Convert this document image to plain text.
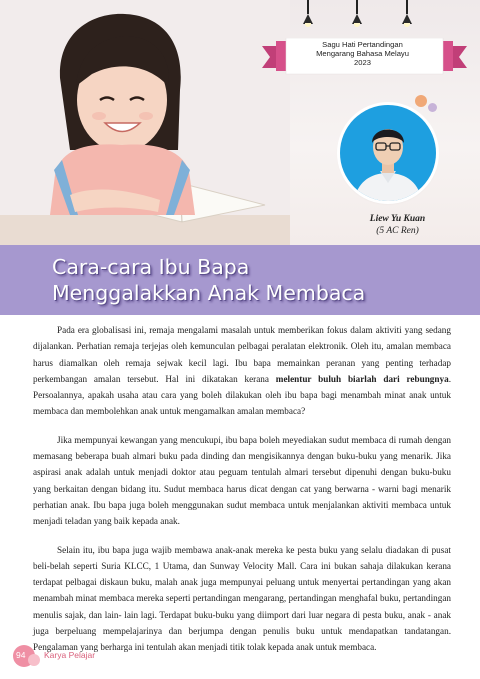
Sagu Hati Pertandingan
Mengarang Bahasa Melayu
2023
Liew Yu Kuan
(5 AC Ren)
Cara-cara Ibu Bapa
Menggalakkan Anak Membaca

Pada era globalisasi ini, remaja mengalami masalah untuk memberikan fokus dalam aktiviti yang sedang dijalankan. Perhatian remaja terjejas oleh kemunculan pelbagai peralatan elektronik. Oleh itu, amalan membaca harus diamalkan oleh remaja sejwak kecil lagi. Ibu bapa memainkan peranan yang penting terhadap perkembangan amalan tersebut. Hal ini dikatakan kerana melentur buluh biarlah dari rebungnya. Persoalannya, apakah usaha atau cara yang boleh dilakukan oleh ibu bapa bagi menambah minat anak untuk membaca dan membolehkan anak untuk mengamalkan amalan membaca?

Jika mempunyai kewangan yang mencukupi, ibu bapa boleh meyediakan sudut membaca di rumah dengan memasang beberapa buah almari buku pada dinding dan mengisikannya dengan buku-buku yang menarik. Jika aspirasi anak adalah untuk menjadi doktor atau peguam tentulah almari tersebut dipenuhi dengan buku-buku yang berkaitan dengan bidang itu. Sudut membaca harus dicat dengan cat yang berwarna - warni bagi menarik perhatian anak. Ibu bapa juga boleh menggunakan sudut membaca untuk menjalankan aktiviti membaca untuk menjadi teladan yang baik kepada anak.

Selain itu, ibu bapa juga wajib membawa anak-anak mereka ke pesta buku yang selalu diadakan di pusat beli-belah seperti Suria KLCC, 1 Utama, dan Sunway Velocity Mall. Cara ini bukan sahaja dilakukan kerana terdapat pelbagai diskaun buku, malah anak juga mempunyai peluang untuk menyertai pertandingan yang akan menambah minat membaca mereka seperti pertandingan mengarang, pertandingan menghafal buku, pertandingan menulis sajak, dan lain- lain lagi. Terdapat buku-buku yang diimport dari luar negara di pesta buku, anak - anak juga berpeluang mempelajarinya dan berjumpa dengan penulis buku untuk mendapatkan tandatangan. Pengalaman yang berharga ini tentulah akan menjadi titik tolak kepada anak untuk membaca.

94 Karya Pelajar
